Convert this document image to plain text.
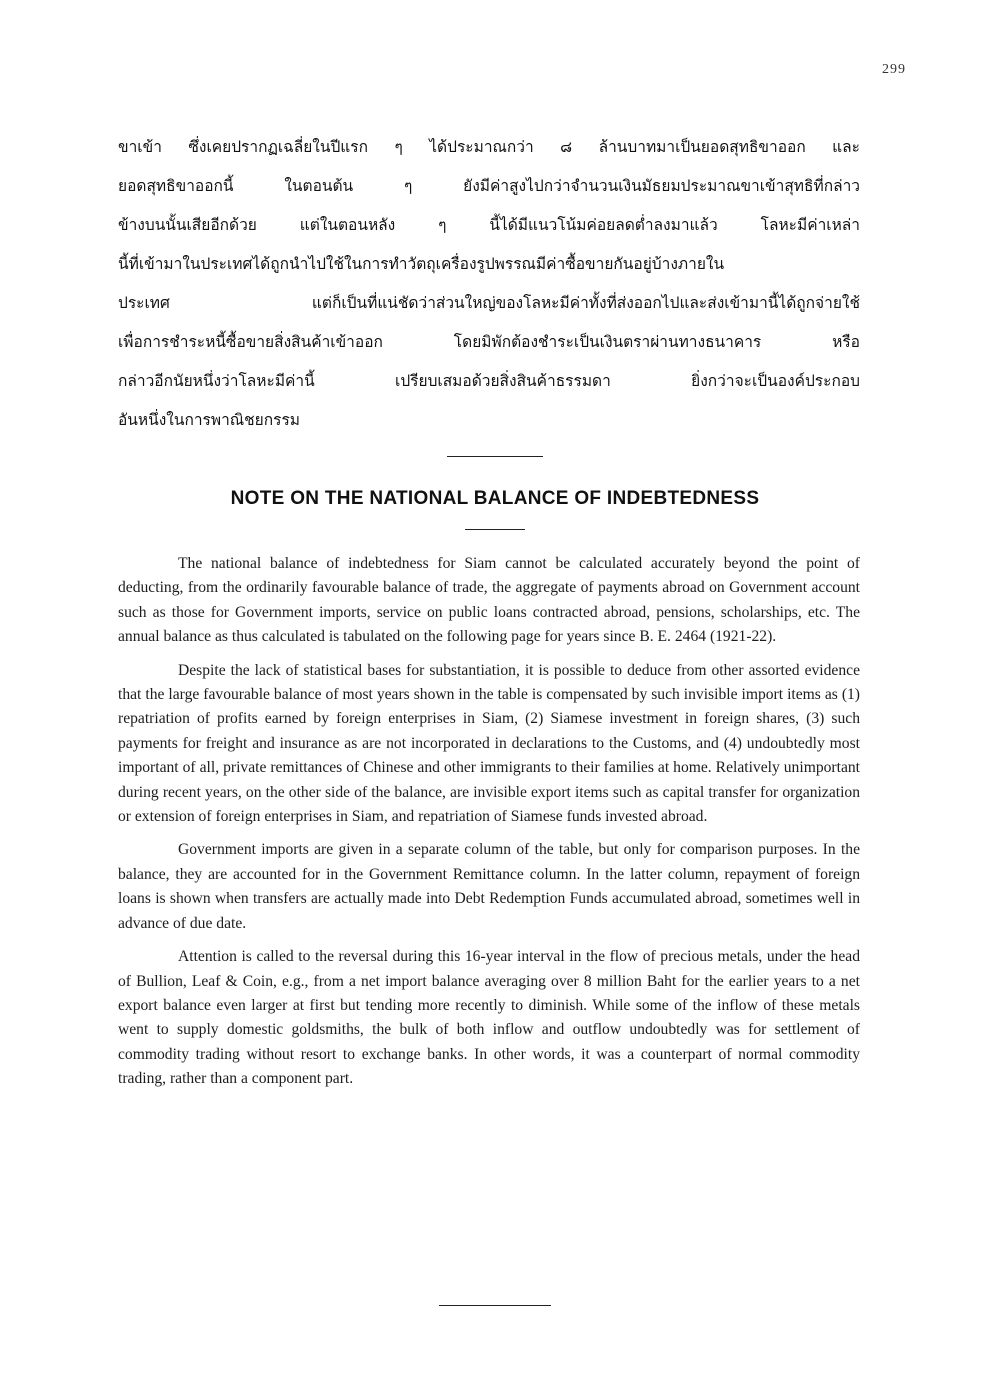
299
ขาเข้า ซึ่งเคยปรากฏเฉลี่ยในปีแรก ๆ ได้ประมาณกว่า ๘ ล้านบาทมาเป็นยอดสุทธิขาออก และ
ยอดสุทธิขาออกนี้ ในตอนต้น ๆ ยังมีค่าสูงไปกว่าจำนวนเงินมัธยมประมาณขาเข้าสุทธิที่กล่าว
ข้างบนนั้นเสียอีกด้วย แต่ในตอนหลัง ๆ นี้ได้มีแนวโน้มค่อยลดต่ำลงมาแล้ว โลหะมีค่าเหล่า
นี้ที่เข้ามาในประเทศได้ถูกนำไปใช้ในการทำวัตถุเครื่องรูปพรรณมีค่าซื้อขายกันอยู่บ้างภายใน
ประเทศ แต่ก็เป็นที่แน่ชัดว่าส่วนใหญ่ของโลหะมีค่าทั้งที่ส่งออกไปและส่งเข้ามานี้ได้ถูกจ่ายใช้
เพื่อการชำระหนี้ซื้อขายสิ่งสินค้าเข้าออก โดยมิพักต้องชำระเป็นเงินตราผ่านทางธนาคาร หรือ
กล่าวอีกนัยหนึ่งว่าโลหะมีค่านี้ เปรียบเสมอด้วยสิ่งสินค้าธรรมดา ยิ่งกว่าจะเป็นองค์ประกอบ
อันหนึ่งในการพาณิชยกรรม
NOTE ON THE NATIONAL BALANCE OF INDEBTEDNESS

The national balance of indebtedness for Siam cannot be calculated accurately beyond the point of deducting, from the ordinarily favourable balance of trade, the aggregate of payments abroad on Government account such as those for Government imports, service on public loans contracted abroad, pensions, scholarships, etc. The annual balance as thus calculated is tabulated on the following page for years since B. E. 2464 (1921-22).

Despite the lack of statistical bases for substantiation, it is possible to deduce from other assorted evidence that the large favourable balance of most years shown in the table is compensated by such invisible import items as (1) repatriation of profits earned by foreign enterprises in Siam, (2) Siamese investment in foreign shares, (3) such payments for freight and insurance as are not incorporated in declarations to the Customs, and (4) undoubtedly most important of all, private remittances of Chinese and other immigrants to their families at home. Relatively unimportant during recent years, on the other side of the balance, are invisible export items such as capital transfer for organization or extension of foreign enterprises in Siam, and repatriation of Siamese funds invested abroad.

Government imports are given in a separate column of the table, but only for comparison purposes. In the balance, they are accounted for in the Government Remittance column. In the latter column, repayment of foreign loans is shown when transfers are actually made into Debt Redemption Funds accumulated abroad, sometimes well in advance of due date.

Attention is called to the reversal during this 16-year interval in the flow of precious metals, under the head of Bullion, Leaf & Coin, e.g., from a net import balance averaging over 8 million Baht for the earlier years to a net export balance even larger at first but tending more recently to diminish. While some of the inflow of these metals went to supply domestic goldsmiths, the bulk of both inflow and outflow undoubtedly was for settlement of commodity trading without resort to exchange banks. In other words, it was a counterpart of normal commodity trading, rather than a component part.
